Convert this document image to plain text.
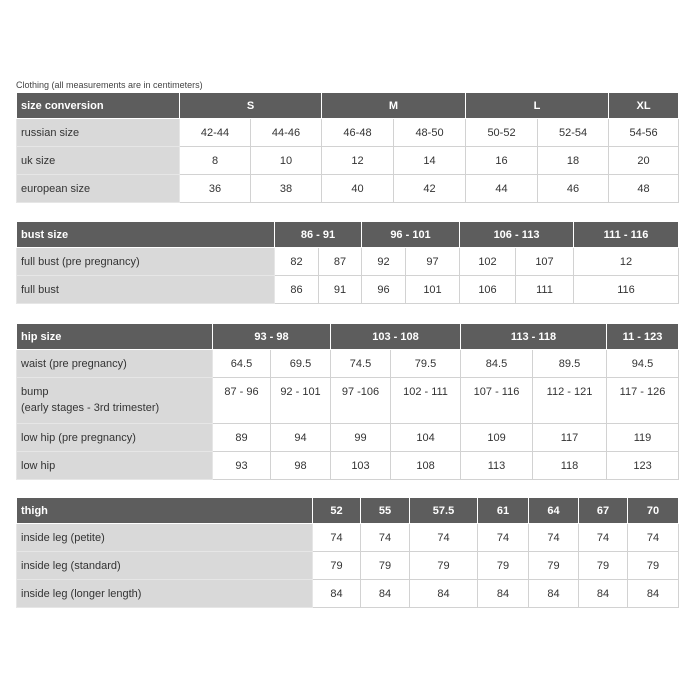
Clothing (all measurements are in centimeters)
size conversion	S		M		L		XL
russian size	42-44	44-46	46-48	48-50	50-52	52-54	54-56
uk size	8	10	12	14	16	18	20
european size	36	38	40	42	44	46	48
bust size	86 - 91		96 - 101		106 - 113		111 - 116
full bust (pre pregnancy)	82	87	92	97	102	107	12
full bust	86	91	96	101	106	111	116
hip size	93 - 98		103 - 108		113 - 118		11 - 123
waist (pre pregnancy)	64.5	69.5	74.5	79.5	84.5	89.5	94.5

bump
(early stages - 3rd trimester)	87 - 96	92 - 101	97 -106	102 - 111	107 - 116	112 - 121	117 - 126
low hip (pre pregnancy)	89	94	99	104	109	117	119
low hip	93	98	103	108	113	118	123
thigh	52	55	57.5	61	64	67	70
inside leg (petite)	74	74	74	74	74	74	74
inside leg (standard)	79	79	79	79	79	79	79
inside leg (longer length)	84	84	84	84	84	84	84
